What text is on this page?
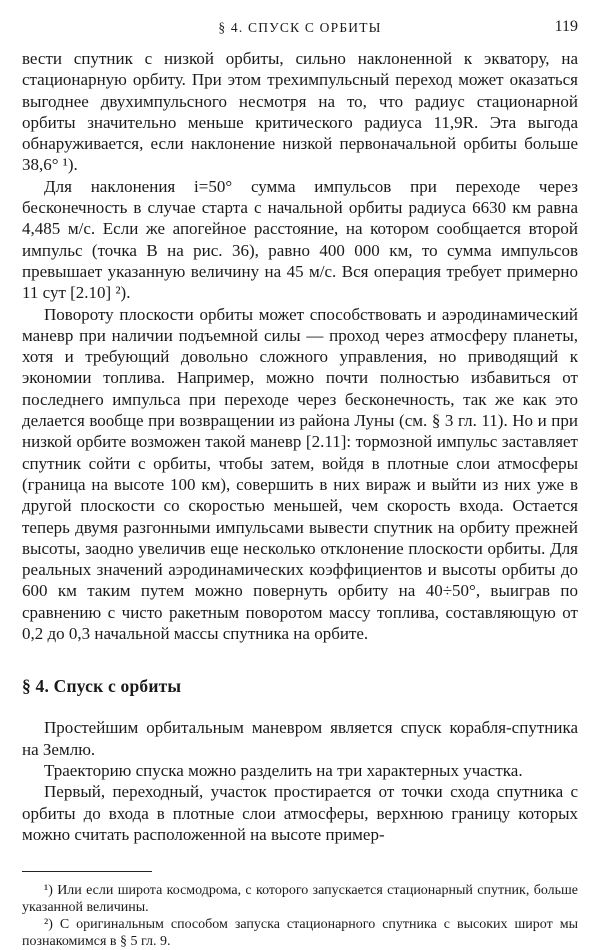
§ 4. СПУСК С ОРБИТЫ	119

вести спутник с низкой орбиты, сильно наклоненной к экватору, на стационарную орбиту. При этом трехимпульсный переход может оказаться выгоднее двухимпульсного несмотря на то, что радиус стационарной орбиты значительно меньше критического радиуса 11,9R. Эта выгода обнаруживается, если наклонение низкой первоначальной орбиты больше 38,6° ¹).

Для наклонения i=50° сумма импульсов при переходе через бесконечность в случае старта с начальной орбиты радиуса 6630 км равна 4,485 м/с. Если же апогейное расстояние, на котором сообщается второй импульс (точка B на рис. 36), равно 400 000 км, то сумма импульсов превышает указанную величину на 45 м/с. Вся операция требует примерно 11 сут [2.10] ²).

Повороту плоскости орбиты может способствовать и аэродинамический маневр при наличии подъемной силы — проход через атмосферу планеты, хотя и требующий довольно сложного управления, но приводящий к экономии топлива. Например, можно почти полностью избавиться от последнего импульса при переходе через бесконечность, так же как это делается вообще при возвращении из района Луны (см. § 3 гл. 11). Но и при низкой орбите возможен такой маневр [2.11]: тормозной импульс заставляет спутник сойти с орбиты, чтобы затем, войдя в плотные слои атмосферы (граница на высоте 100 км), совершить в них вираж и выйти из них уже в другой плоскости со скоростью меньшей, чем скорость входа. Остается теперь двумя разгонными импульсами вывести спутник на орбиту прежней высоты, заодно увеличив еще несколько отклонение плоскости орбиты. Для реальных значений аэродинамических коэффициентов и высоты орбиты до 600 км таким путем можно повернуть орбиту на 40÷50°, выиграв по сравнению с чисто ракетным поворотом массу топлива, составляющую от 0,2 до 0,3 начальной массы спутника на орбите.

§ 4. Спуск с орбиты

Простейшим орбитальным маневром является спуск корабля-спутника на Землю.

Траекторию спуска можно разделить на три характерных участка.

Первый, переходный, участок простирается от точки схода спутника с орбиты до входа в плотные слои атмосферы, верхнюю границу которых можно считать расположенной на высоте пример-

¹) Или если широта космодрома, с которого запускается стационарный спутник, больше указанной величины.

²) С оригинальным способом запуска стационарного спутника с высоких широт мы познакомимся в § 5 гл. 9.
